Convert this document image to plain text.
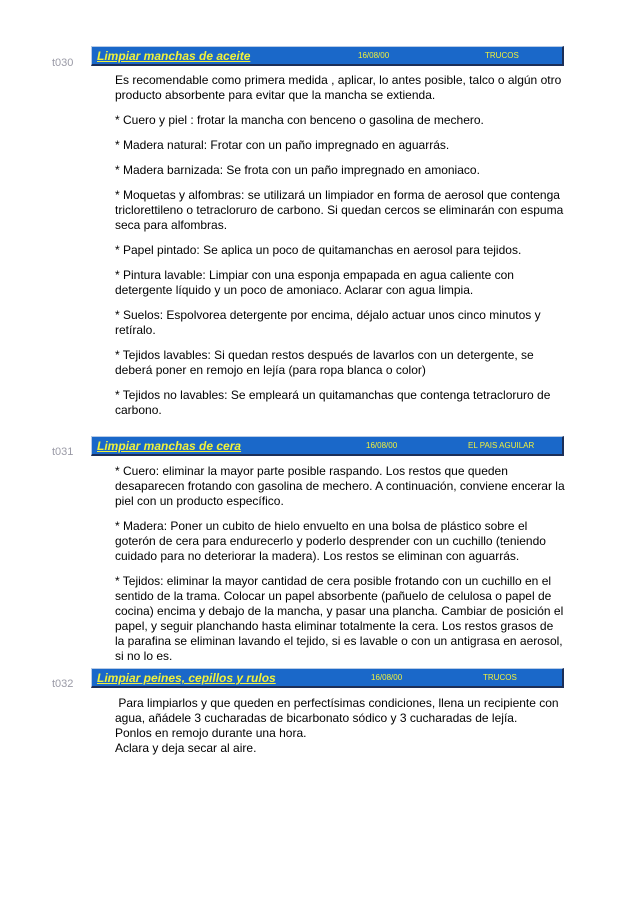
t030 Limpiar manchas de aceite	16/08/00	TRUCOS

Es recomendable como primera medida , aplicar, lo antes posible, talco o algún otro producto absorbente para evitar que la mancha se extienda.

* Cuero y piel : frotar la mancha con benceno o gasolina de mechero.

* Madera natural: Frotar con un paño impregnado en aguarrás.

* Madera barnizada: Se frota con un paño impregnado en amoniaco.

* Moquetas y alfombras: se utilizará un limpiador en forma de aerosol que contenga triclorettileno o tetracloruro de carbono. Si quedan cercos se eliminarán con espuma seca para alfombras.

* Papel pintado: Se aplica un poco de quitamanchas en aerosol para tejidos.

* Pintura lavable: Limpiar con una esponja empapada en agua caliente con detergente líquido y un poco de amoniaco. Aclarar con agua limpia.

* Suelos: Espolvorea detergente por encima, déjalo actuar unos cinco minutos y retíralo.

* Tejidos lavables: Si quedan restos después de lavarlos con un detergente, se deberá poner en remojo en lejía (para ropa blanca o color)

* Tejidos no lavables: Se empleará un quitamanchas que contenga tetracloruro de carbono.

t031 Limpiar manchas de cera	16/08/00	EL PAIS AGUILAR

* Cuero: eliminar la mayor parte posible raspando. Los restos que queden desaparecen frotando con gasolina de mechero. A continuación, conviene encerar la piel con un producto específico.

* Madera: Poner un cubito de hielo envuelto en una bolsa de plástico sobre el goterón de cera para endurecerlo y poderlo desprender con un cuchillo (teniendo cuidado para no deteriorar la madera). Los restos se eliminan con aguarrás.

* Tejidos: eliminar la mayor cantidad de cera posible frotando con un cuchillo en el sentido de la trama. Colocar un papel absorbente (pañuelo de celulosa o papel de cocina) encima y debajo de la mancha, y pasar una plancha. Cambiar de posición el papel, y seguir planchando hasta eliminar totalmente la cera. Los restos grasos de la parafina se eliminan lavando el tejido, si es lavable o con un antigrasa en aerosol, si no lo es.

t032 Limpiar peines, cepillos y rulos	16/08/00	TRUCOS

Para limpiarlos y que queden en perfectísimas condiciones, llena un recipiente con agua, añádele 3 cucharadas de bicarbonato sódico y 3 cucharadas de lejía.

Ponlos en remojo durante una hora.

Aclara y deja secar al aire.
